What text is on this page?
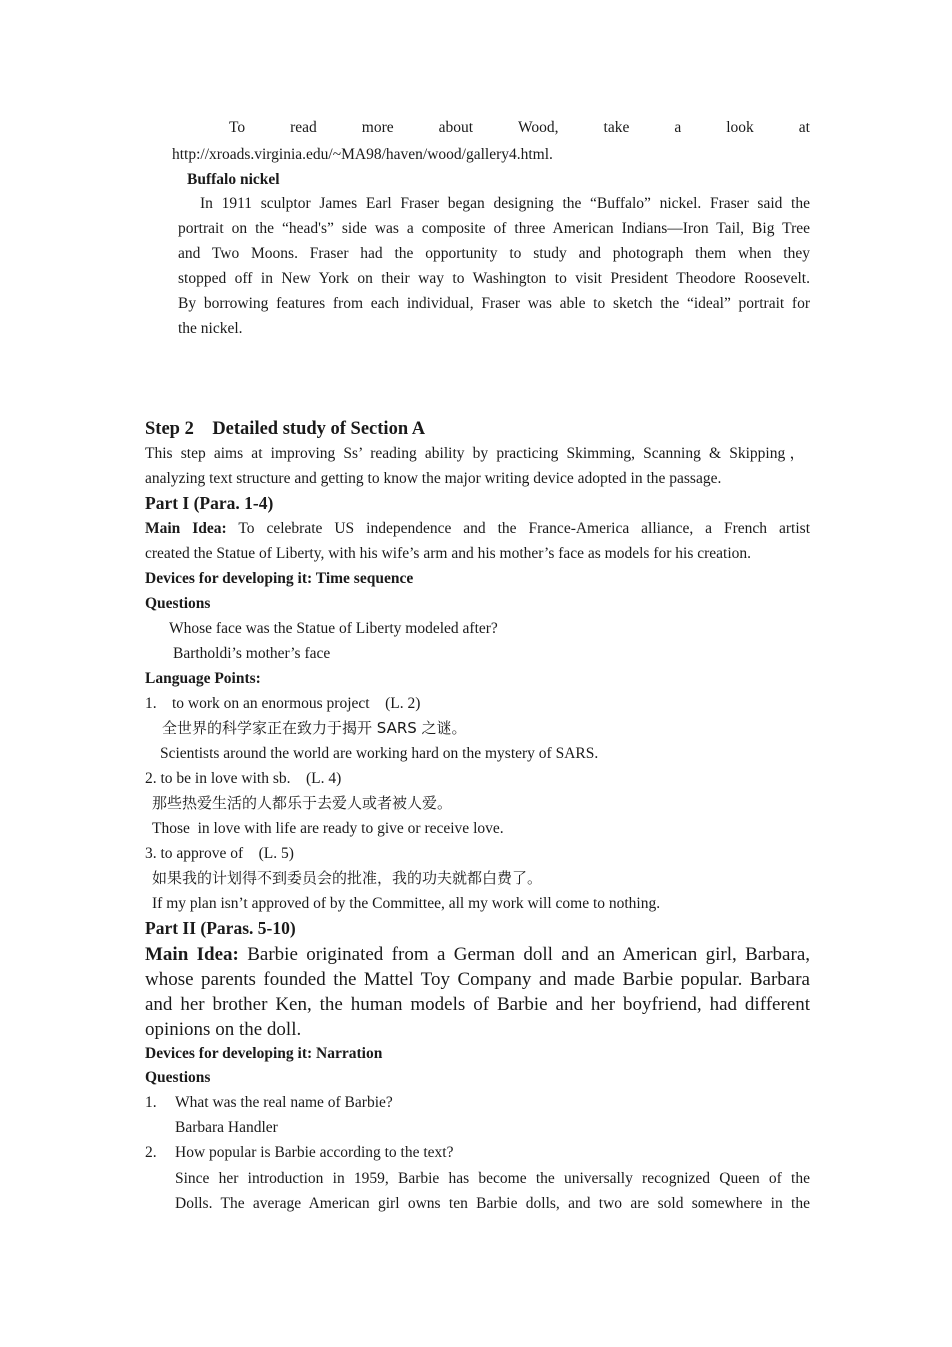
To	read	more	about	Wood,	take	a	look	at
http://xroads.virginia.edu/~MA98/haven/wood/gallery4.html.
Buffalo nickel
In 1911 sculptor James Earl Fraser began designing the “Buffalo” nickel. Fraser said the
portrait on the “head's” side was a composite of three American Indians—Iron Tail, Big Tree
and Two Moons. Fraser had the opportunity to study and photograph them when they
stopped off in New York on their way to Washington to visit President Theodore Roosevelt.
By borrowing features from each individual, Fraser was able to sketch the “ideal” portrait for
the nickel.
Step 2    Detailed study of Section A
This step aims at improving Ss’ reading ability by practicing Skimming, Scanning & Skipping，
analyzing text structure and getting to know the major writing device adopted in the passage.
Part I (Para. 1-4)
Main Idea: To celebrate US independence and the France-America alliance, a French artist
created the Statue of Liberty, with his wife’s arm and his mother’s face as models for his creation.
Devices for developing it: Time sequence
Questions
Whose face was the Statue of Liberty modeled after?
Bartholdi’s mother’s face
Language Points:
1. to work on an enormous project    (L. 2)
全世界的科学家正在致力于揭开 SARS 之谜。
Scientists around the world are working hard on the mystery of SARS.
2. to be in love with sb.    (L. 4)
那些热爱生活的人都乐于去爱人或者被人爱。
Those  in love with life are ready to give or receive love.
3. to approve of    (L. 5)
如果我的计划得不到委员会的批准，我的功夫就都白费了。
If my plan isn’t approved of by the Committee, all my work will come to nothing.
Part II (Paras. 5-10)
Main Idea: Barbie originated from a German doll and an American girl, Barbara,
whose parents founded the Mattel Toy Company and made Barbie popular. Barbara
and her brother Ken, the human models of Barbie and her boyfriend, had different
opinions on the doll.
Devices for developing it: Narration
Questions
1. What was the real name of Barbie?
Barbara Handler
2. How popular is Barbie according to the text?
Since her introduction in 1959, Barbie has become the universally recognized Queen of the
Dolls. The average American girl owns ten Barbie dolls, and two are sold somewhere in the
